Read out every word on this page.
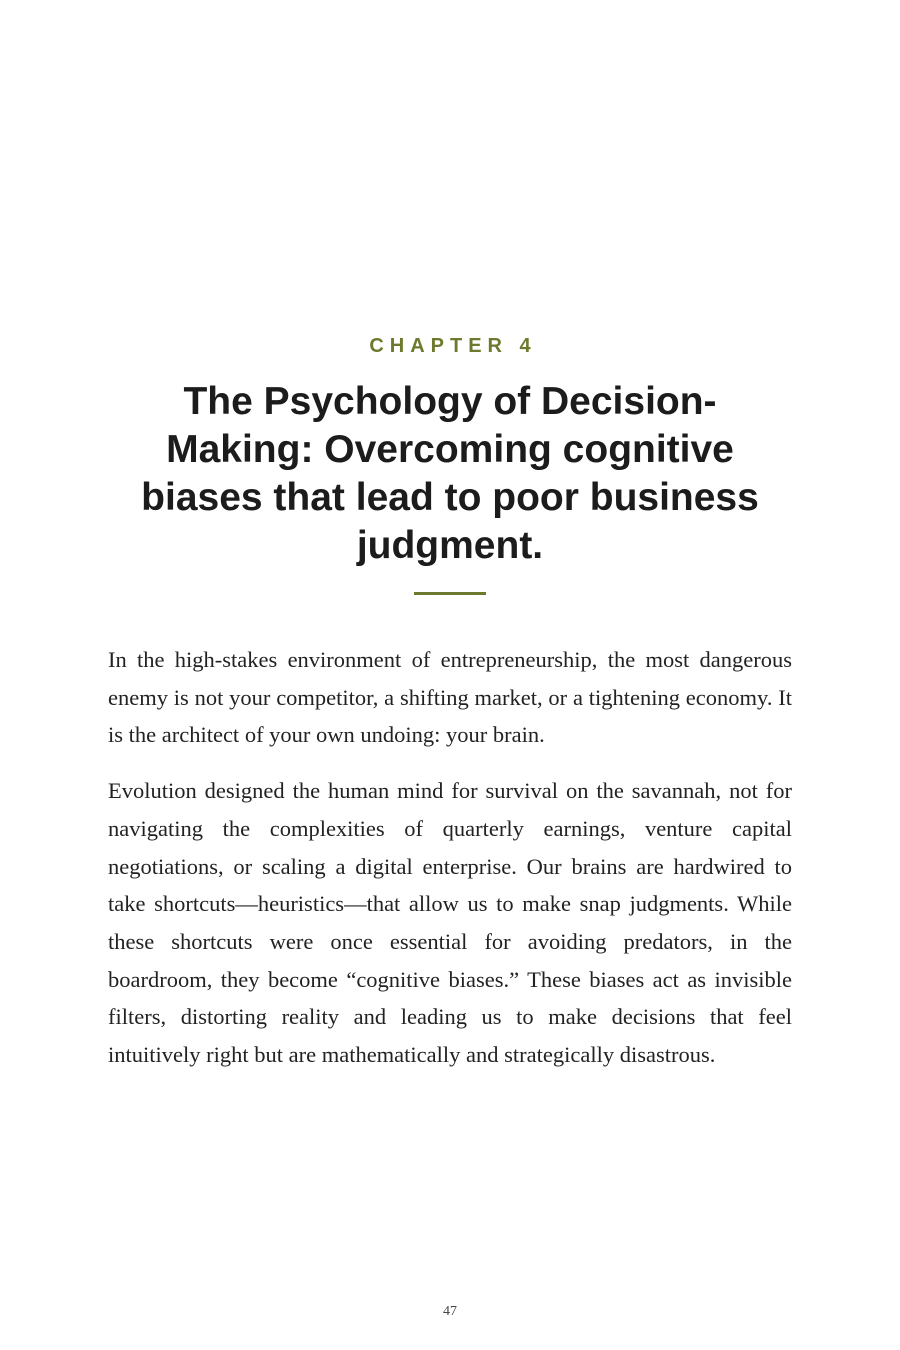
CHAPTER 4
The Psychology of Decision-Making: Overcoming cognitive biases that lead to poor business judgment.

In the high-stakes environment of entrepreneurship, the most dangerous enemy is not your competitor, a shifting market, or a tightening economy. It is the architect of your own undoing: your brain.

Evolution designed the human mind for survival on the savannah, not for navigating the complexities of quarterly earnings, venture capital negotiations, or scaling a digital enterprise. Our brains are hardwired to take shortcuts—heuristics—that allow us to make snap judgments. While these shortcuts were once essential for avoiding predators, in the boardroom, they become “cognitive biases.” These biases act as invisible filters, distorting reality and leading us to make decisions that feel intuitively right but are mathematically and strategically disastrous.

47
